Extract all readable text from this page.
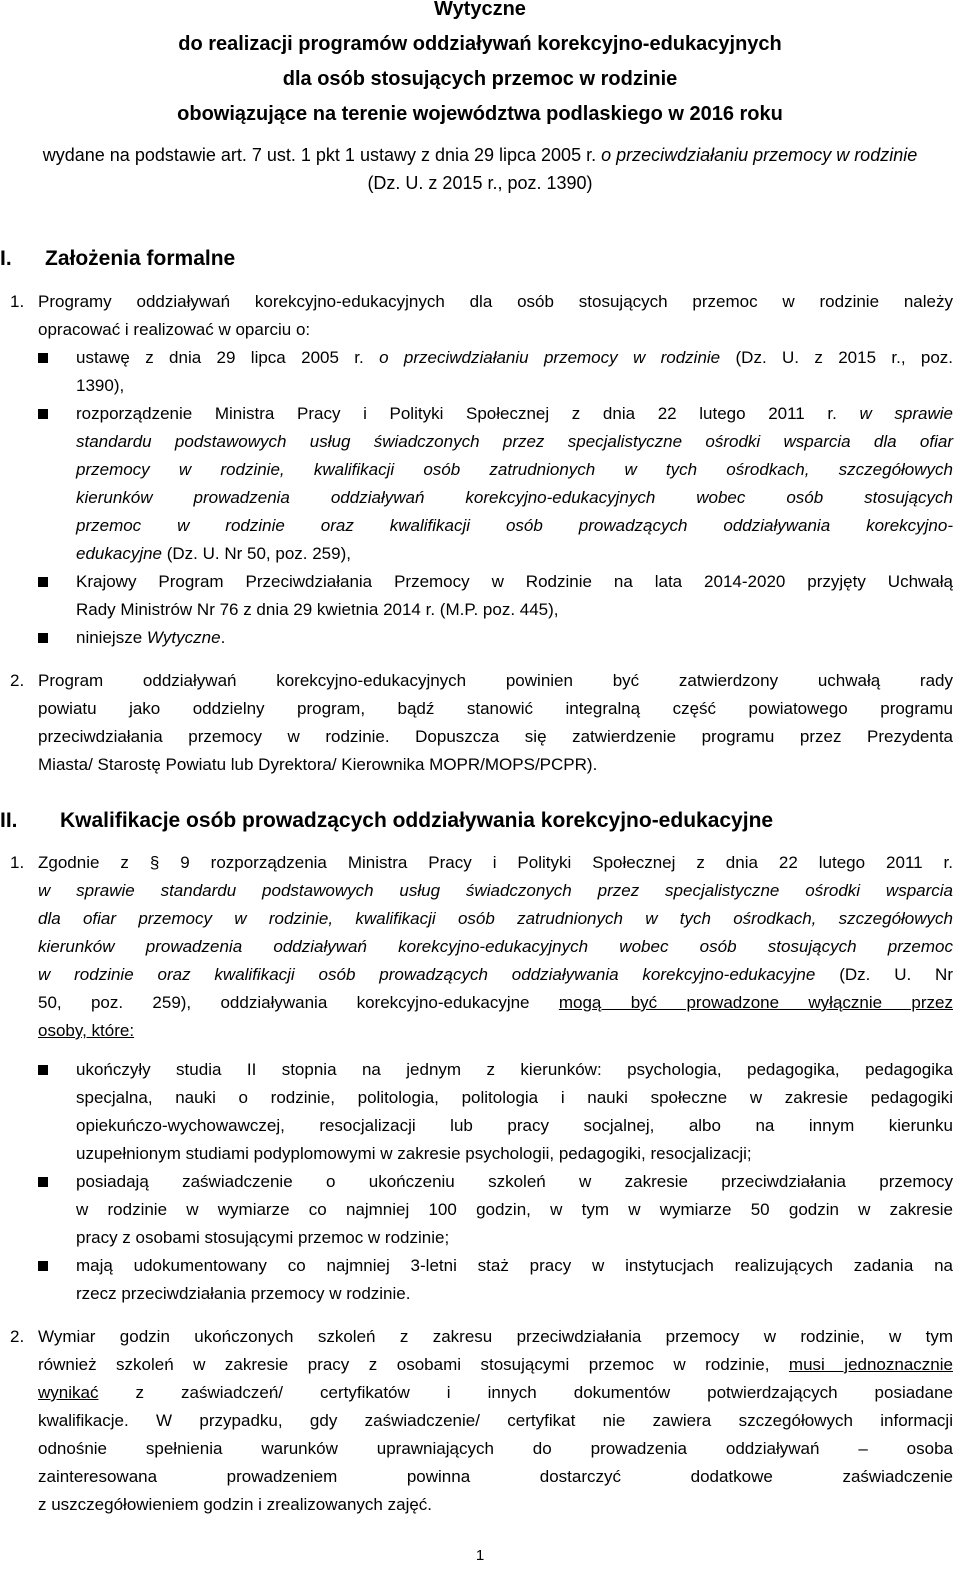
Wytyczne
do realizacji programów oddziaływań korekcyjno-edukacyjnych
dla osób stosujących przemoc w rodzinie
obowiązujące na terenie województwa podlaskiego w 2016 roku
wydane na podstawie art. 7 ust. 1 pkt 1 ustawy z dnia 29 lipca 2005 r. o przeciwdziałaniu przemocy w rodzinie
(Dz. U. z 2015 r., poz. 1390)
I. Założenia formalne
1. Programy oddziaływań korekcyjno-edukacyjnych dla osób stosujących przemoc w rodzinie należy
opracować i realizować w oparciu o:
ustawę z dnia 29 lipca 2005 r. o przeciwdziałaniu przemocy w rodzinie (Dz. U. z 2015 r., poz.
1390),
rozporządzenie Ministra Pracy i Polityki Społecznej z dnia 22 lutego 2011 r. w sprawie
standardu podstawowych usług świadczonych przez specjalistyczne ośrodki wsparcia dla ofiar
przemocy w rodzinie, kwalifikacji osób zatrudnionych w tych ośrodkach, szczegółowych
kierunków prowadzenia oddziaływań korekcyjno-edukacyjnych wobec osób stosujących
przemoc w rodzinie oraz kwalifikacji osób prowadzących oddziaływania korekcyjno-
edukacyjne (Dz. U. Nr 50, poz. 259),
Krajowy Program Przeciwdziałania Przemocy w Rodzinie na lata 2014-2020 przyjęty Uchwałą
Rady Ministrów Nr 76 z dnia 29 kwietnia 2014 r. (M.P. poz. 445),
niniejsze Wytyczne.
2. Program oddziaływań korekcyjno-edukacyjnych powinien być zatwierdzony uchwałą rady
powiatu jako oddzielny program, bądź stanowić integralną część powiatowego programu
przeciwdziałania przemocy w rodzinie. Dopuszcza się zatwierdzenie programu przez Prezydenta
Miasta/ Starostę Powiatu lub Dyrektora/ Kierownika MOPR/MOPS/PCPR).
II. Kwalifikacje osób prowadzących oddziaływania korekcyjno-edukacyjne
1. Zgodnie z § 9 rozporządzenia Ministra Pracy i Polityki Społecznej z dnia 22 lutego 2011 r.
w sprawie standardu podstawowych usług świadczonych przez specjalistyczne ośrodki wsparcia
dla ofiar przemocy w rodzinie, kwalifikacji osób zatrudnionych w tych ośrodkach, szczegółowych
kierunków prowadzenia oddziaływań korekcyjno-edukacyjnych wobec osób stosujących przemoc
w rodzinie oraz kwalifikacji osób prowadzących oddziaływania korekcyjno-edukacyjne (Dz. U. Nr
50, poz. 259), oddziaływania korekcyjno-edukacyjne mogą być prowadzone wyłącznie przez
osoby, które:
ukończyły studia II stopnia na jednym z kierunków: psychologia, pedagogika, pedagogika
specjalna, nauki o rodzinie, politologia, politologia i nauki społeczne w zakresie pedagogiki
opiekuńczo-wychowawczej, resocjalizacji lub pracy socjalnej, albo na innym kierunku
uzupełnionym studiami podyplomowymi w zakresie psychologii, pedagogiki, resocjalizacji;
posiadają zaświadczenie o ukończeniu szkoleń w zakresie przeciwdziałania przemocy
w rodzinie w wymiarze co najmniej 100 godzin, w tym w wymiarze 50 godzin w zakresie
pracy z osobami stosującymi przemoc w rodzinie;
mają udokumentowany co najmniej 3-letni staż pracy w instytucjach realizujących zadania na
rzecz przeciwdziałania przemocy w rodzinie.
2. Wymiar godzin ukończonych szkoleń z zakresu przeciwdziałania przemocy w rodzinie, w tym
również szkoleń w zakresie pracy z osobami stosującymi przemoc w rodzinie, musi jednoznacznie
wynikać z zaświadczeń/ certyfikatów i innych dokumentów potwierdzających posiadane
kwalifikacje. W przypadku, gdy zaświadczenie/ certyfikat nie zawiera szczegółowych informacji
odnośnie spełnienia warunków uprawniających do prowadzenia oddziaływań – osoba
zainteresowana prowadzeniem powinna dostarczyć dodatkowe zaświadczenie
z uszczegółowieniem godzin i zrealizowanych zajęć.
1
